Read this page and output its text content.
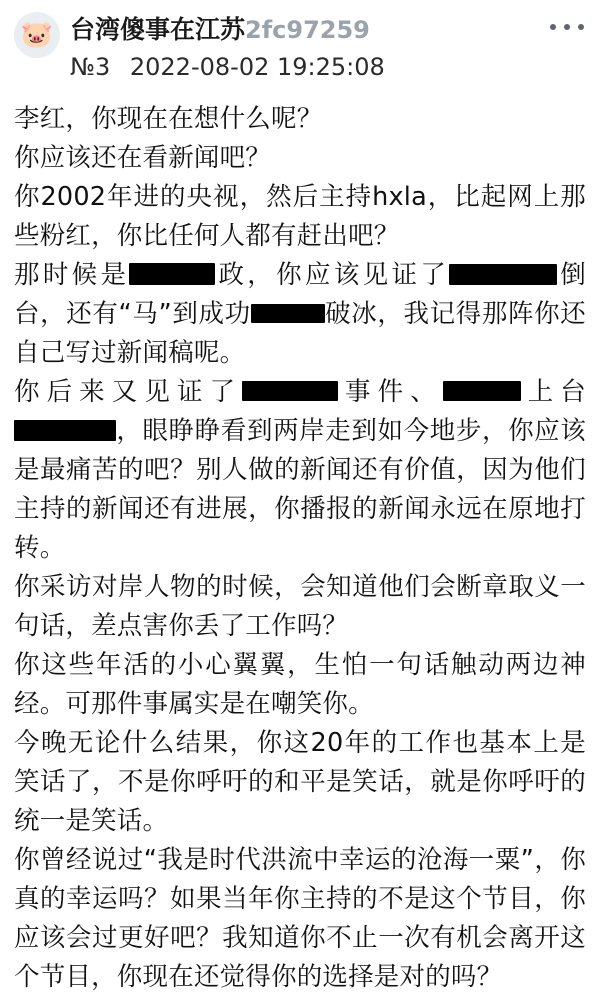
🐷 台湾傻事在江苏 2fc97259
№3 2022-08-02 19:25:08

李红，你现在在想什么呢？

你应该还在看新闻吧？

你2002年进的央视，然后主持hxla，比起网上那些粉红，你比任何人都有赶出吧？

那时候是	政，你应该见证了	倒台，还有“马”到成功	破冰，我记得那阵你还自己写过新闻稿呢。

你后来又见证了	事件、	上台，眼睁睁看到两岸走到如今地步，你应该是最痛苦的吧？别人做的新闻还有价值，因为他们主持的新闻还有进展，你播报的新闻永远在原地打转。

你采访对岸人物的时候，会知道他们会断章取义一句话，差点害你丢了工作吗？

你这些年活的小心翼翼，生怕一句话触动两边神经。可那件事属实是在嘲笑你。

今晚无论什么结果，你这20年的工作也基本上是笑话了，不是你呼吁的和平是笑话，就是你呼吁的统一是笑话。

你曾经说过“我是时代洪流中幸运的沧海一粟”，你真的幸运吗？如果当年你主持的不是这个节目，你应该会过更好吧？我知道你不止一次有机会离开这个节目，你现在还觉得你的选择是对的吗？
